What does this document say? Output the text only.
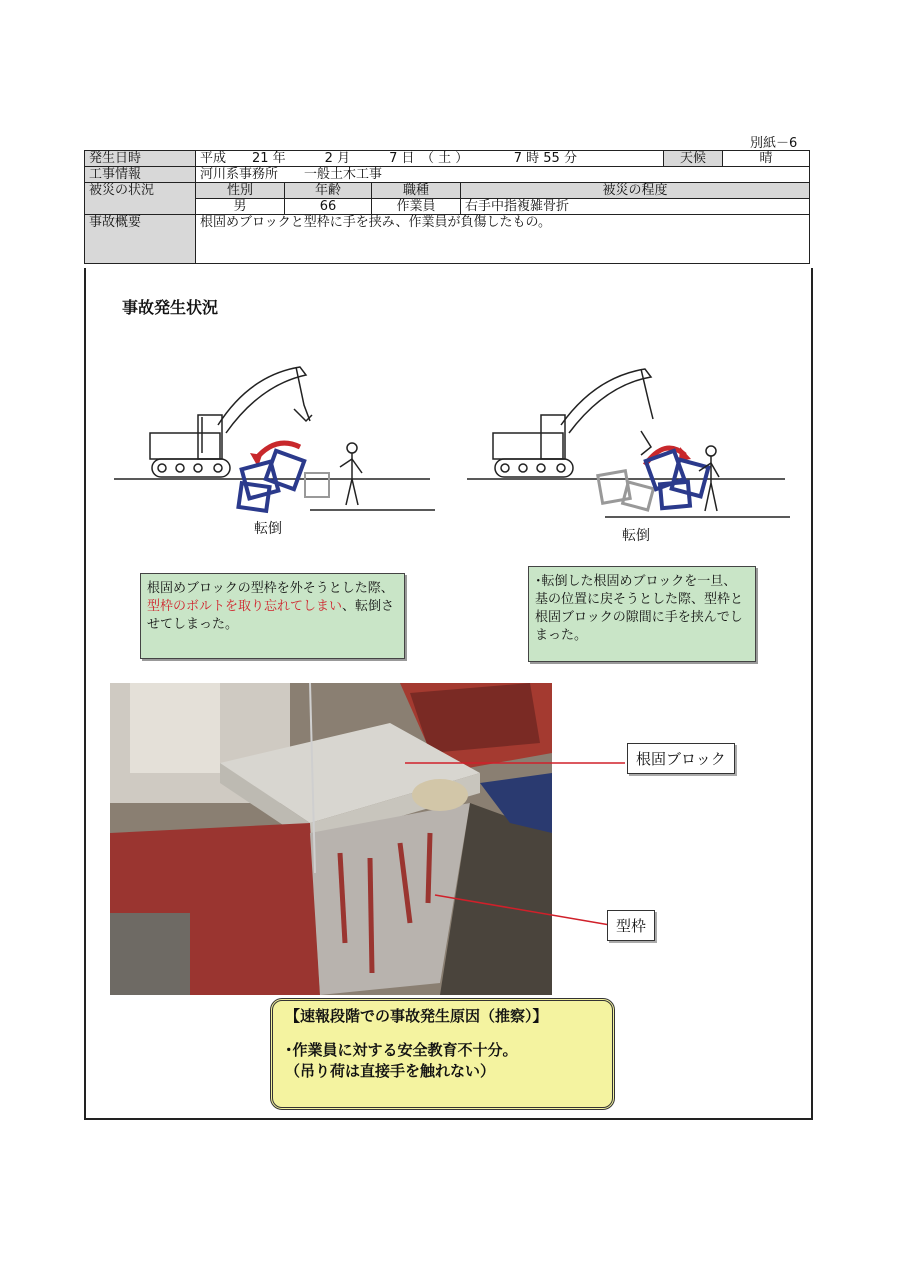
別紙－6
発生日時	平成　　21 年　　　2 月　　　7 日　（ 土 ）　　　　7 時 55 分				天候	晴
工事情報	河川系事務所　　一般土木工事					
被災の状況	性別	年齢	職種	被災の程度		
	男	66	作業員	右手中指複雑骨折		
事故概要	根固めブロックと型枠に手を挟み、作業員が負傷したもの。					
事故発生状況
転倒	転倒
根固めブロックの型枠を外そうとした際、型枠のボルトを取り忘れてしまい、転倒させてしまった。
･転倒した根固めブロックを一旦、基の位置に戻そうとした際、型枠と根固ブロックの隙間に手を挟んでしまった。
根固ブロック
型枠
【速報段階での事故発生原因（推察）】
･作業員に対する安全教育不十分。
（吊り荷は直接手を触れない）
